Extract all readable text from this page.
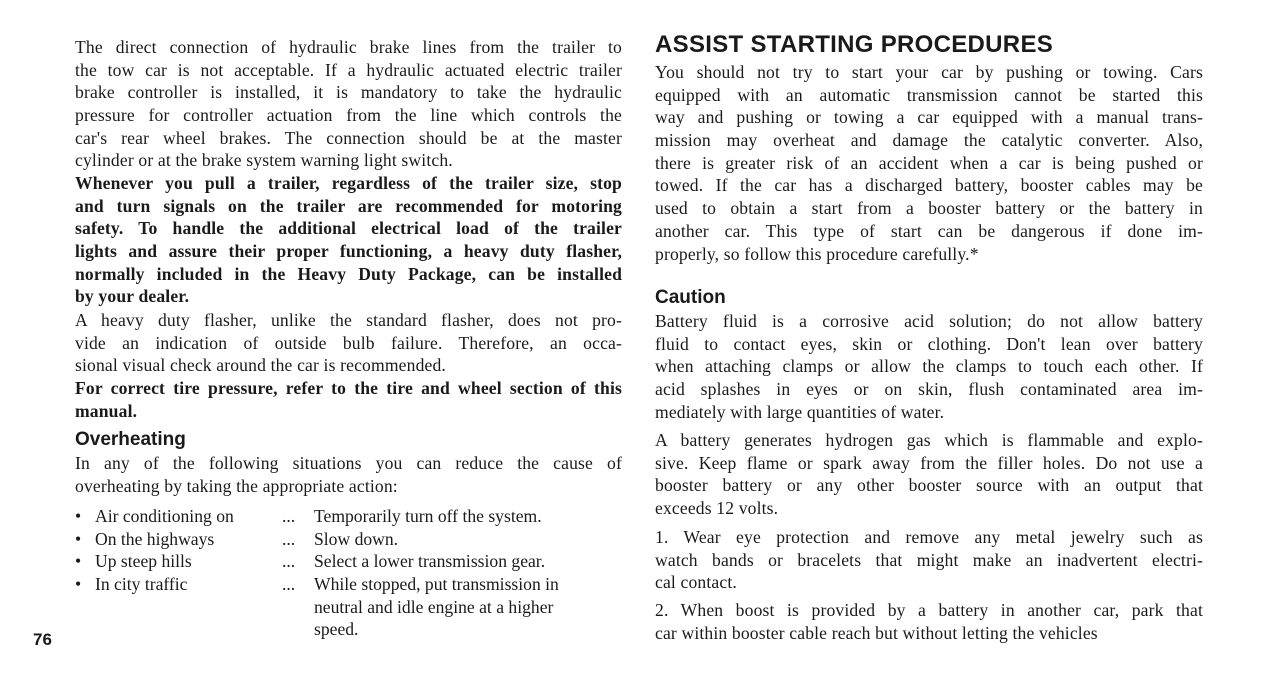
The direct connection of hydraulic brake lines from the trailer to
the tow car is not acceptable. If a hydraulic actuated electric trailer
brake controller is installed, it is mandatory to take the hydraulic
pressure for controller actuation from the line which controls the
car's rear wheel brakes. The connection should be at the master
cylinder or at the brake system warning light switch.
Whenever you pull a trailer, regardless of the trailer size, stop
and turn signals on the trailer are recommended for motoring
safety. To handle the additional electrical load of the trailer
lights and assure their proper functioning, a heavy duty flasher,
normally included in the Heavy Duty Package, can be installed
by your dealer.
A heavy duty flasher, unlike the standard flasher, does not pro-
vide an indication of outside bulb failure. Therefore, an occa-
sional visual check around the car is recommended.
For correct tire pressure, refer to the tire and wheel section of this
manual.
Overheating
In any of the following situations you can reduce the cause of
overheating by taking the appropriate action:
• Air conditioning on	... Temporarily turn off the system.
• On the highways	... Slow down.
• Up steep hills	... Select a lower transmission gear.
• In city traffic	... While stopped, put transmission in
neutral and idle engine at a higher
speed.
76
ASSIST STARTING PROCEDURES
You should not try to start your car by pushing or towing. Cars
equipped with an automatic transmission cannot be started this
way and pushing or towing a car equipped with a manual trans-
mission may overheat and damage the catalytic converter. Also,
there is greater risk of an accident when a car is being pushed or
towed. If the car has a discharged battery, booster cables may be
used to obtain a start from a booster battery or the battery in
another car. This type of start can be dangerous if done im-
properly, so follow this procedure carefully.*
Caution
Battery fluid is a corrosive acid solution; do not allow battery
fluid to contact eyes, skin or clothing. Don't lean over battery
when attaching clamps or allow the clamps to touch each other. If
acid splashes in eyes or on skin, flush contaminated area im-
mediately with large quantities of water.
A battery generates hydrogen gas which is flammable and explo-
sive. Keep flame or spark away from the filler holes. Do not use a
booster battery or any other booster source with an output that
exceeds 12 volts.
1. Wear eye protection and remove any metal jewelry such as
watch bands or bracelets that might make an inadvertent electri-
cal contact.
2. When boost is provided by a battery in another car, park that
car within booster cable reach but without letting the vehicles
